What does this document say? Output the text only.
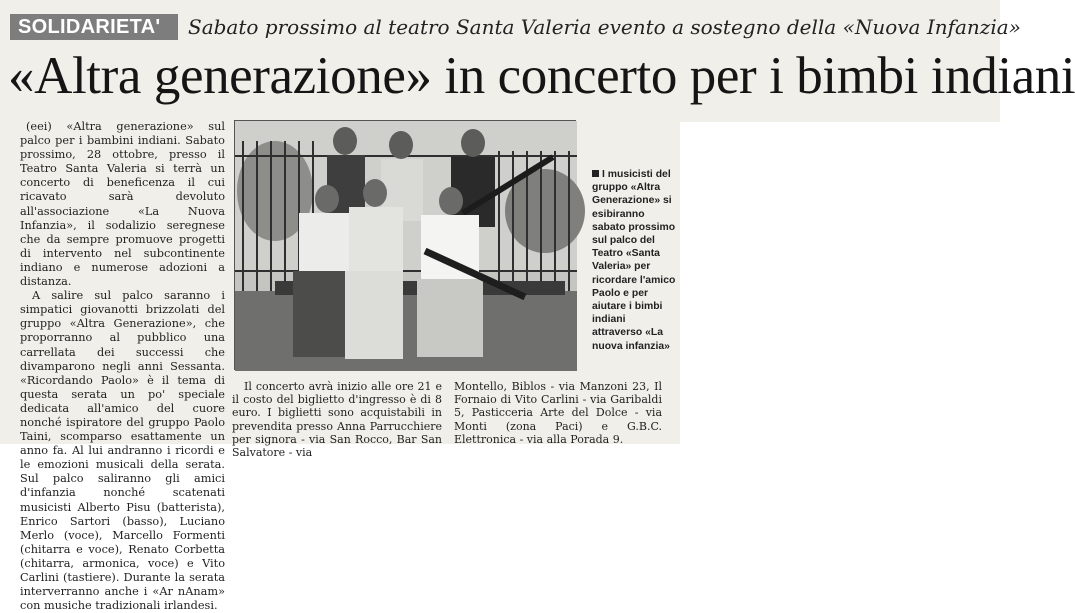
SOLIDARIETA'	Sabato prossimo al teatro Santa Valeria evento a sostegno della «Nuova Infanzia»
«Altra generazione» in concerto per i bimbi indiani

(eei) «Altra generazione» sul palco per i bambini indiani. Sabato prossimo, 28 ottobre, presso il Teatro Santa Valeria si terrà un concerto di beneficenza il cui ricavato sarà devoluto all'associazione «La Nuova Infanzia», il sodalizio seregnese che da sempre promuove progetti di intervento nel subcontinente indiano e numerose adozioni a distanza.

A salire sul palco saranno i simpatici giovanotti brizzolati del gruppo «Altra Generazione», che proporranno al pubblico una carrellata dei successi che divamparono negli anni Sessanta. «Ricordando Paolo» è il tema di questa serata un po' speciale dedicata all'amico del cuore nonché ispiratore del gruppo Paolo Taini, scomparso esattamente un anno fa. Al lui andranno i ricordi e le emozioni musicali della serata. Sul palco saliranno gli amici d'infanzia nonché scatenati musicisti Alberto Pisu (batterista), Enrico Sartori (basso), Luciano Merlo (voce), Marcello Formenti (chitarra e voce), Renato Corbetta (chitarra, armonica, voce) e Vito Carlini (tastiere). Durante la serata interverranno anche i «Ar nAnam» con musiche tradizionali irlandesi.

I musicisti del gruppo «Altra Generazione» si esibiranno sabato prossimo sul palco del Teatro «Santa Valeria» per ricordare l'amico Paolo e per aiutare i bimbi indiani attraverso «La nuova infanzia»

Il concerto avrà inizio alle ore 21 e il costo del biglietto d'ingresso è di 8 euro. I biglietti sono acquistabili in prevendita presso Anna Parrucchiere per signora - via San Rocco, Bar San Salvatore - via

Montello, Biblos - via Manzoni 23, Il Fornaio di Vito Carlini - via Garibaldi 5, Pasticceria Arte del Dolce - via Monti (zona Paci) e G.B.C. Elettronica - via alla Porada 9.
